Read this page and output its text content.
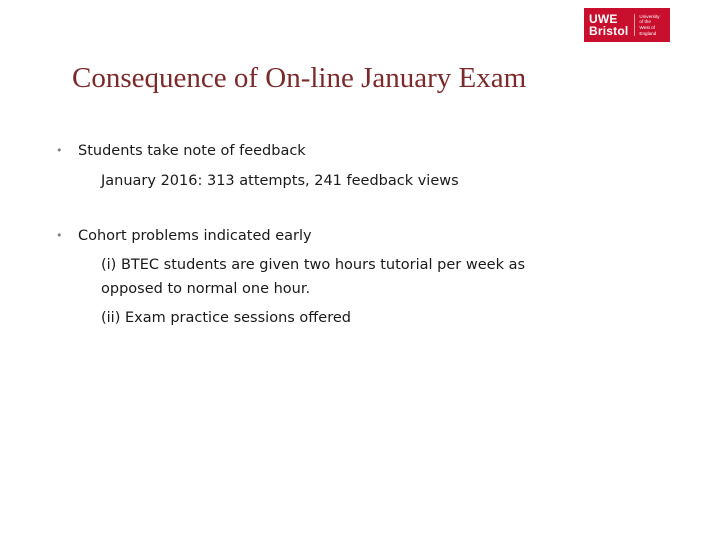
UWE
Bristol
University
of the
West of
England
Consequence of On-line January Exam
• Students take note of feedback
January 2016: 313 attempts, 241 feedback views
• Cohort problems indicated early
(i) BTEC students are given two hours tutorial per week as
opposed to normal one hour.
(ii) Exam practice sessions offered
